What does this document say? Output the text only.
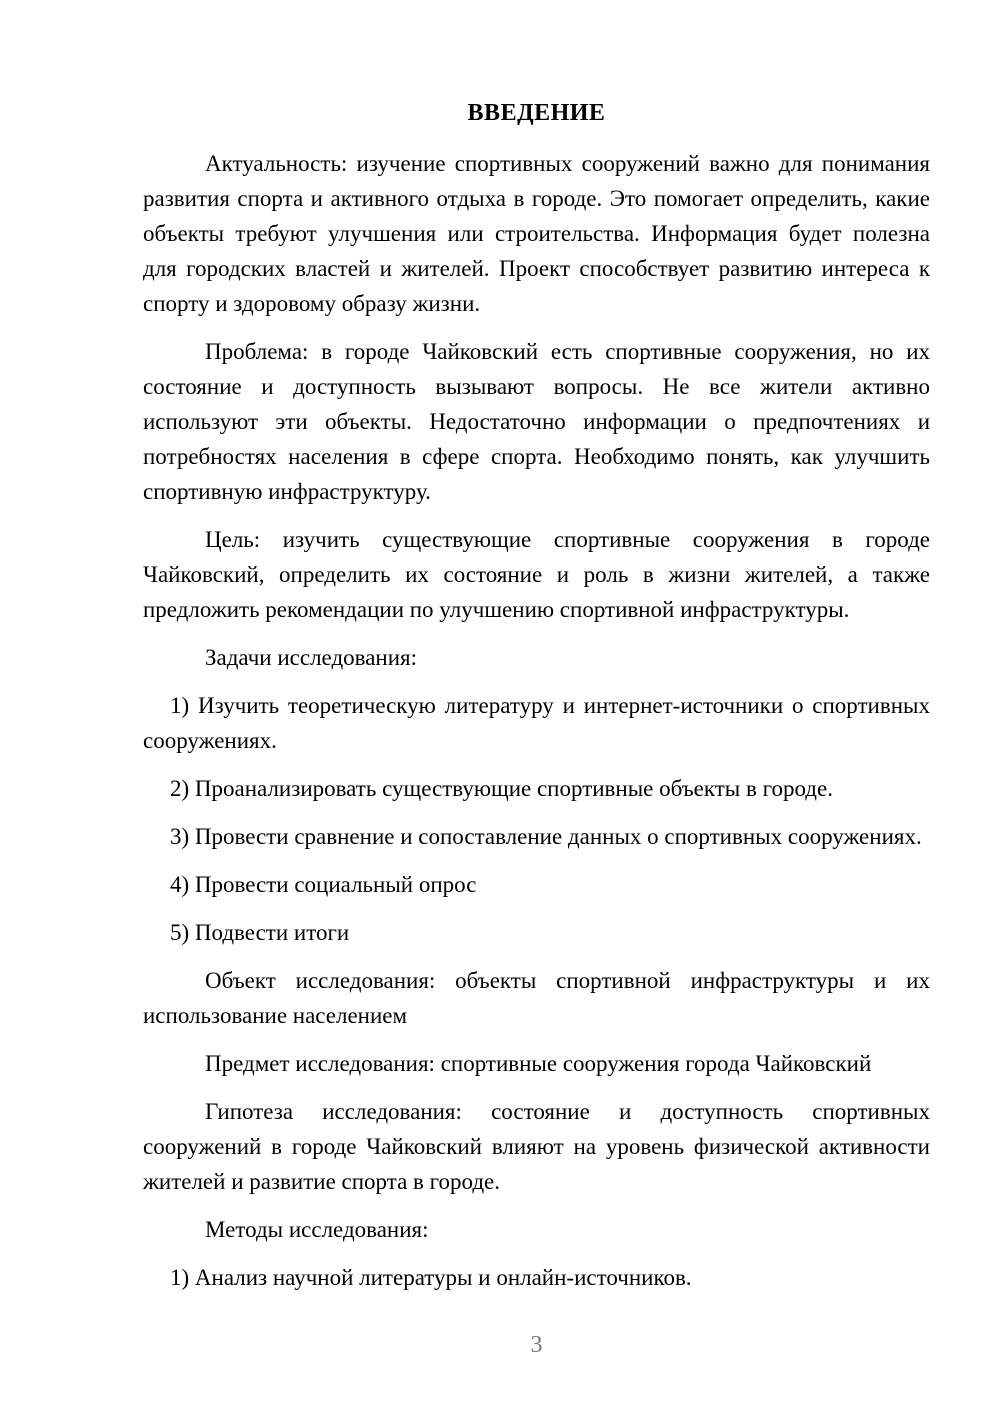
ВВЕДЕНИЕ

Актуальность: изучение спортивных сооружений важно для понимания развития спорта и активного отдыха в городе. Это помогает определить, какие объекты требуют улучшения или строительства. Информация будет полезна для городских властей и жителей. Проект способствует развитию интереса к спорту и здоровому образу жизни.

Проблема: в городе Чайковский есть спортивные сооружения, но их состояние и доступность вызывают вопросы. Не все жители активно используют эти объекты. Недостаточно информации о предпочтениях и потребностях населения в сфере спорта. Необходимо понять, как улучшить спортивную инфраструктуру.

Цель: изучить существующие спортивные сооружения в городе Чайковский, определить их состояние и роль в жизни жителей, а также предложить рекомендации по улучшению спортивной инфраструктуры.

Задачи исследования:

1) Изучить теоретическую литературу и интернет-источники о спортивных сооружениях.

2) Проанализировать существующие спортивные объекты в городе.

3) Провести сравнение и сопоставление данных о спортивных сооружениях.

4) Провести социальный опрос

5) Подвести итоги

Объект исследования: объекты спортивной инфраструктуры и их использование населением

Предмет исследования: спортивные сооружения города Чайковский

Гипотеза исследования: состояние и доступность спортивных сооружений в городе Чайковский влияют на уровень физической активности жителей и развитие спорта в городе.

Методы исследования:

1) Анализ научной литературы и онлайн-источников.

3
